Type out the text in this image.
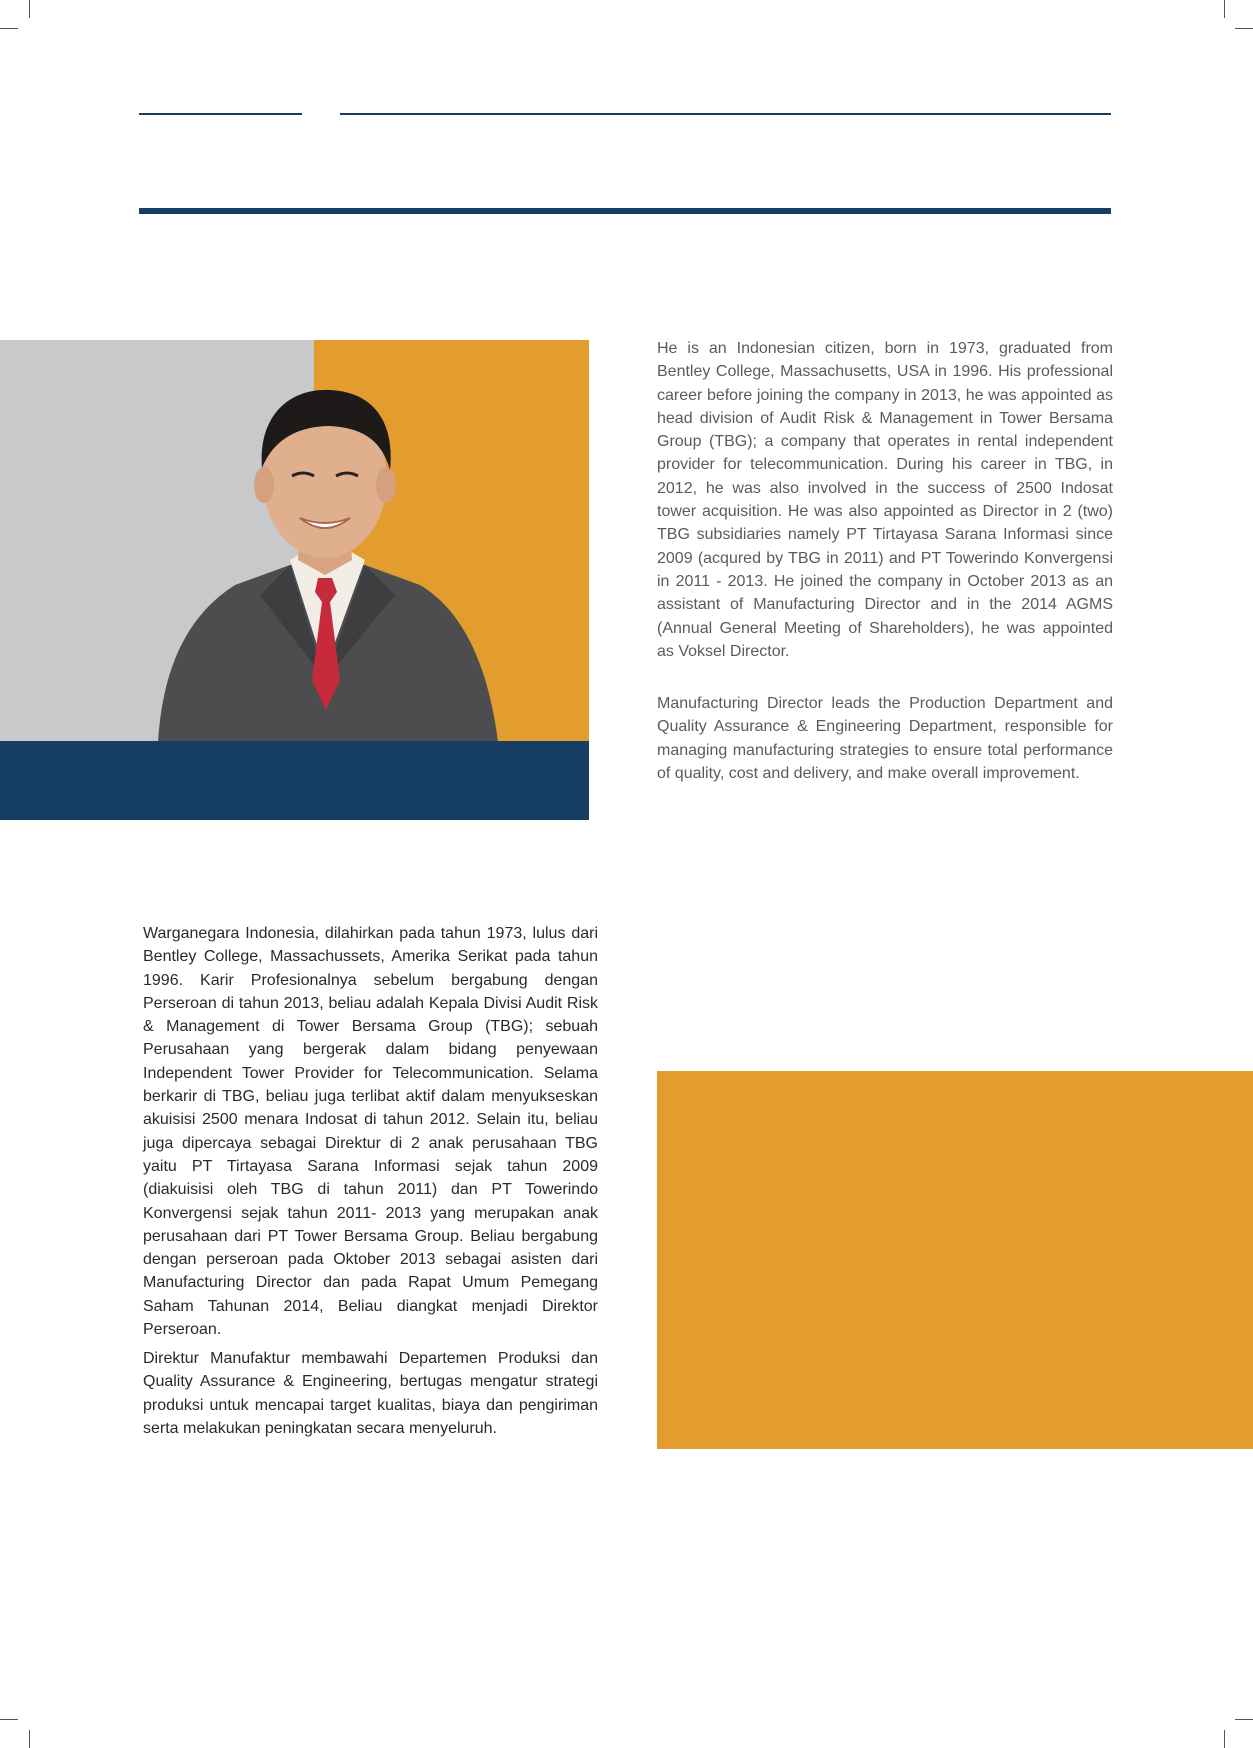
He is an Indonesian citizen, born in 1973, graduated from Bentley College, Massachusetts, USA in 1996. His professional career before joining the company in 2013, he was appointed as head division of Audit Risk & Management in Tower Bersama Group (TBG); a company that operates in rental independent provider for telecommunication. During his career in TBG, in 2012, he was also involved in the success of 2500 Indosat tower acquisition. He was also appointed as Director in 2 (two) TBG subsidiaries namely PT Tirtayasa Sarana Informasi since 2009 (acqured by TBG in 2011) and PT Towerindo Konvergensi in 2011 - 2013. He joined the company in October 2013 as an assistant of Manufacturing Director and in the 2014 AGMS (Annual General Meeting of Shareholders), he was appointed as Voksel Director.

Manufacturing Director leads the Production Department and Quality Assurance & Engineering Department, responsible for managing manufacturing strategies to ensure total performance of quality, cost and delivery, and make overall improvement.

Warganegara Indonesia, dilahirkan pada tahun 1973, lulus dari Bentley College, Massachussets, Amerika Serikat pada tahun 1996. Karir Profesionalnya sebelum bergabung dengan Perseroan di tahun 2013, beliau adalah Kepala Divisi Audit Risk & Management di Tower Bersama Group (TBG); sebuah Perusahaan yang bergerak dalam bidang penyewaan Independent Tower Provider for Telecommunication. Selama berkarir di TBG, beliau juga terlibat aktif dalam menyukseskan akuisisi 2500 menara Indosat di tahun 2012. Selain itu, beliau juga dipercaya sebagai Direktur di 2 anak perusahaan TBG yaitu PT Tirtayasa Sarana Informasi sejak tahun 2009 (diakuisisi oleh TBG di tahun 2011) dan PT Towerindo Konvergensi sejak tahun 2011- 2013 yang merupakan anak perusahaan dari PT Tower Bersama Group. Beliau bergabung dengan perseroan pada Oktober 2013 sebagai asisten dari Manufacturing Director dan pada Rapat Umum Pemegang Saham Tahunan 2014, Beliau diangkat menjadi Direktor Perseroan.

Direktur Manufaktur membawahi Departemen Produksi dan Quality Assurance & Engineering, bertugas mengatur strategi produksi untuk mencapai target kualitas, biaya dan pengiriman serta melakukan peningkatan secara menyeluruh.
